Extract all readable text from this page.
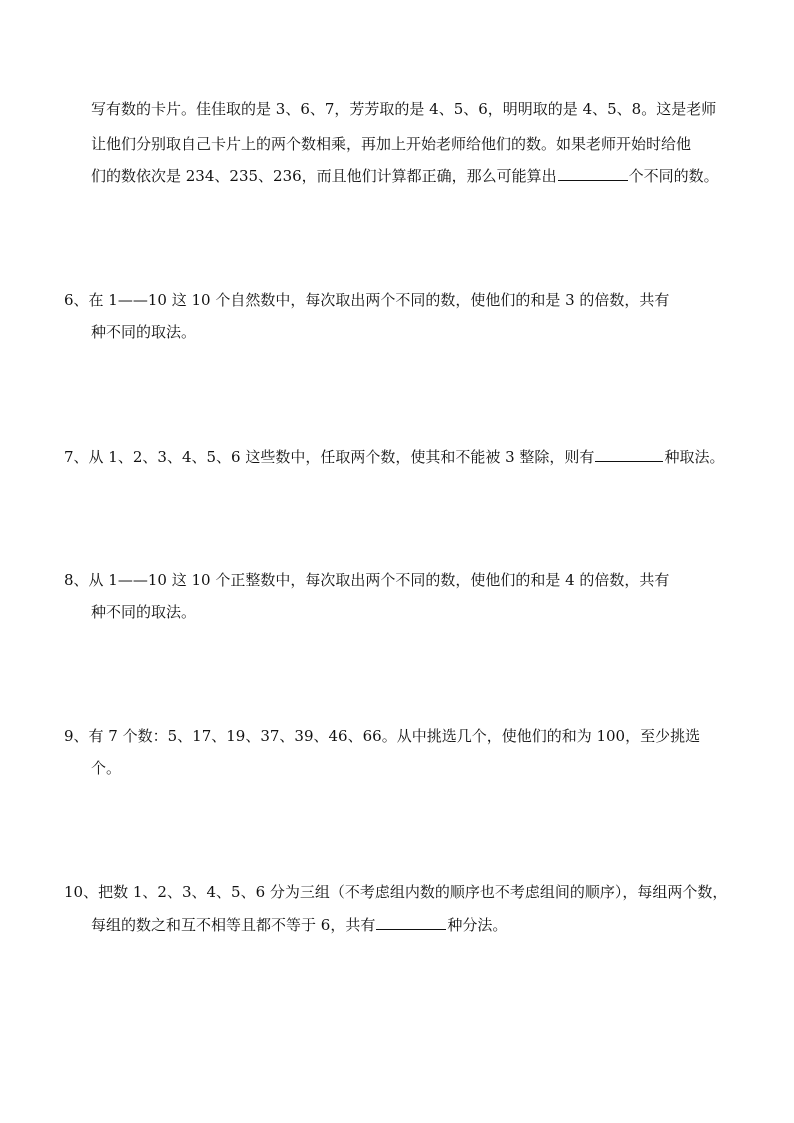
写有数的卡片。佳佳取的是 3、6、7，芳芳取的是 4、5、6，明明取的是 4、5、8。这是老师
让他们分别取自己卡片上的两个数相乘，再加上开始老师给他们的数。如果老师开始时给他
们的数依次是 234、235、236，而且他们计算都正确，那么可能算出	个不同的数。
6、在 1——10 这 10 个自然数中，每次取出两个不同的数，使他们的和是 3 的倍数，共有
种不同的取法。
7、从 1、2、3、4、5、6 这些数中，任取两个数，使其和不能被 3 整除，则有	种取法。
8、从 1——10 这 10 个正整数中，每次取出两个不同的数，使他们的和是 4 的倍数，共有
种不同的取法。
9、有 7 个数：5、17、19、37、39、46、66。从中挑选几个，使他们的和为 100，至少挑选
个。
10、把数 1、2、3、4、5、6 分为三组（不考虑组内数的顺序也不考虑组间的顺序），每组两个数，
每组的数之和互不相等且都不等于 6，共有	种分法。
